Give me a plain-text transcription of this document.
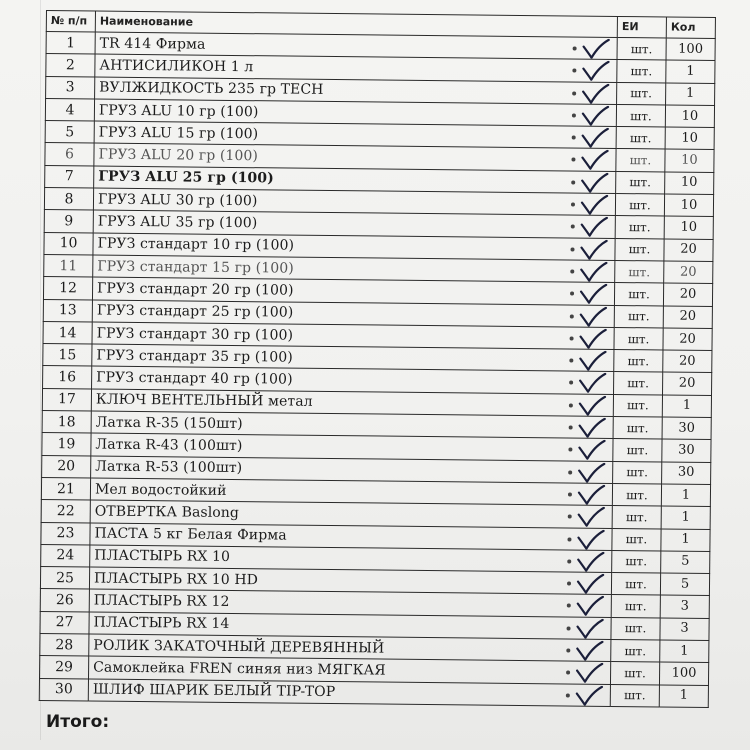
№ п/п	Наименование	ЕИ	Кол
1	TR 414 Фирма	шт.	100
2	АНТИСИЛИКОН 1 л	шт.	1
3	ВУЛЖИДКОСТЬ 235 гр TECH	шт.	1
4	ГРУЗ ALU 10 гр (100)	шт.	10
5	ГРУЗ ALU 15 гр (100)	шт.	10
6	ГРУЗ ALU 20 гр (100)	шт.	10
7	ГРУЗ ALU 25 гр (100)	шт.	10
8	ГРУЗ ALU 30 гр (100)	шт.	10
9	ГРУЗ ALU 35 гр (100)	шт.	10
10	ГРУЗ стандарт 10 гр (100)	шт.	20
11	ГРУЗ стандарт 15 гр (100)	шт.	20
12	ГРУЗ стандарт 20 гр (100)	шт.	20
13	ГРУЗ стандарт 25 гр (100)	шт.	20
14	ГРУЗ стандарт 30 гр (100)	шт.	20
15	ГРУЗ стандарт 35 гр (100)	шт.	20
16	ГРУЗ стандарт 40 гр (100)	шт.	20
17	КЛЮЧ ВЕНТЕЛЬНЫЙ метал	шт.	1
18	Латка R-35 (150шт)	шт.	30
19	Латка R-43 (100шт)	шт.	30
20	Латка R-53 (100шт)	шт.	30
21	Мел водостойкий	шт.	1
22	ОТВЕРТКА Baslong	шт.	1
23	ПАСТА 5 кг Белая Фирма	шт.	1
24	ПЛАСТЫРЬ RX 10	шт.	5
25	ПЛАСТЫРЬ RX 10 HD	шт.	5
26	ПЛАСТЫРЬ RX 12	шт.	3
27	ПЛАСТЫРЬ RX 14	шт.	3
28	РОЛИК ЗАКАТОЧНЫЙ ДЕРЕВЯННЫЙ	шт.	1
29	Самоклейка FREN синяя низ МЯГКАЯ	шт.	100
30	ШЛИФ ШАРИК БЕЛЫЙ TIP-TOP	шт.	1
Итого:
